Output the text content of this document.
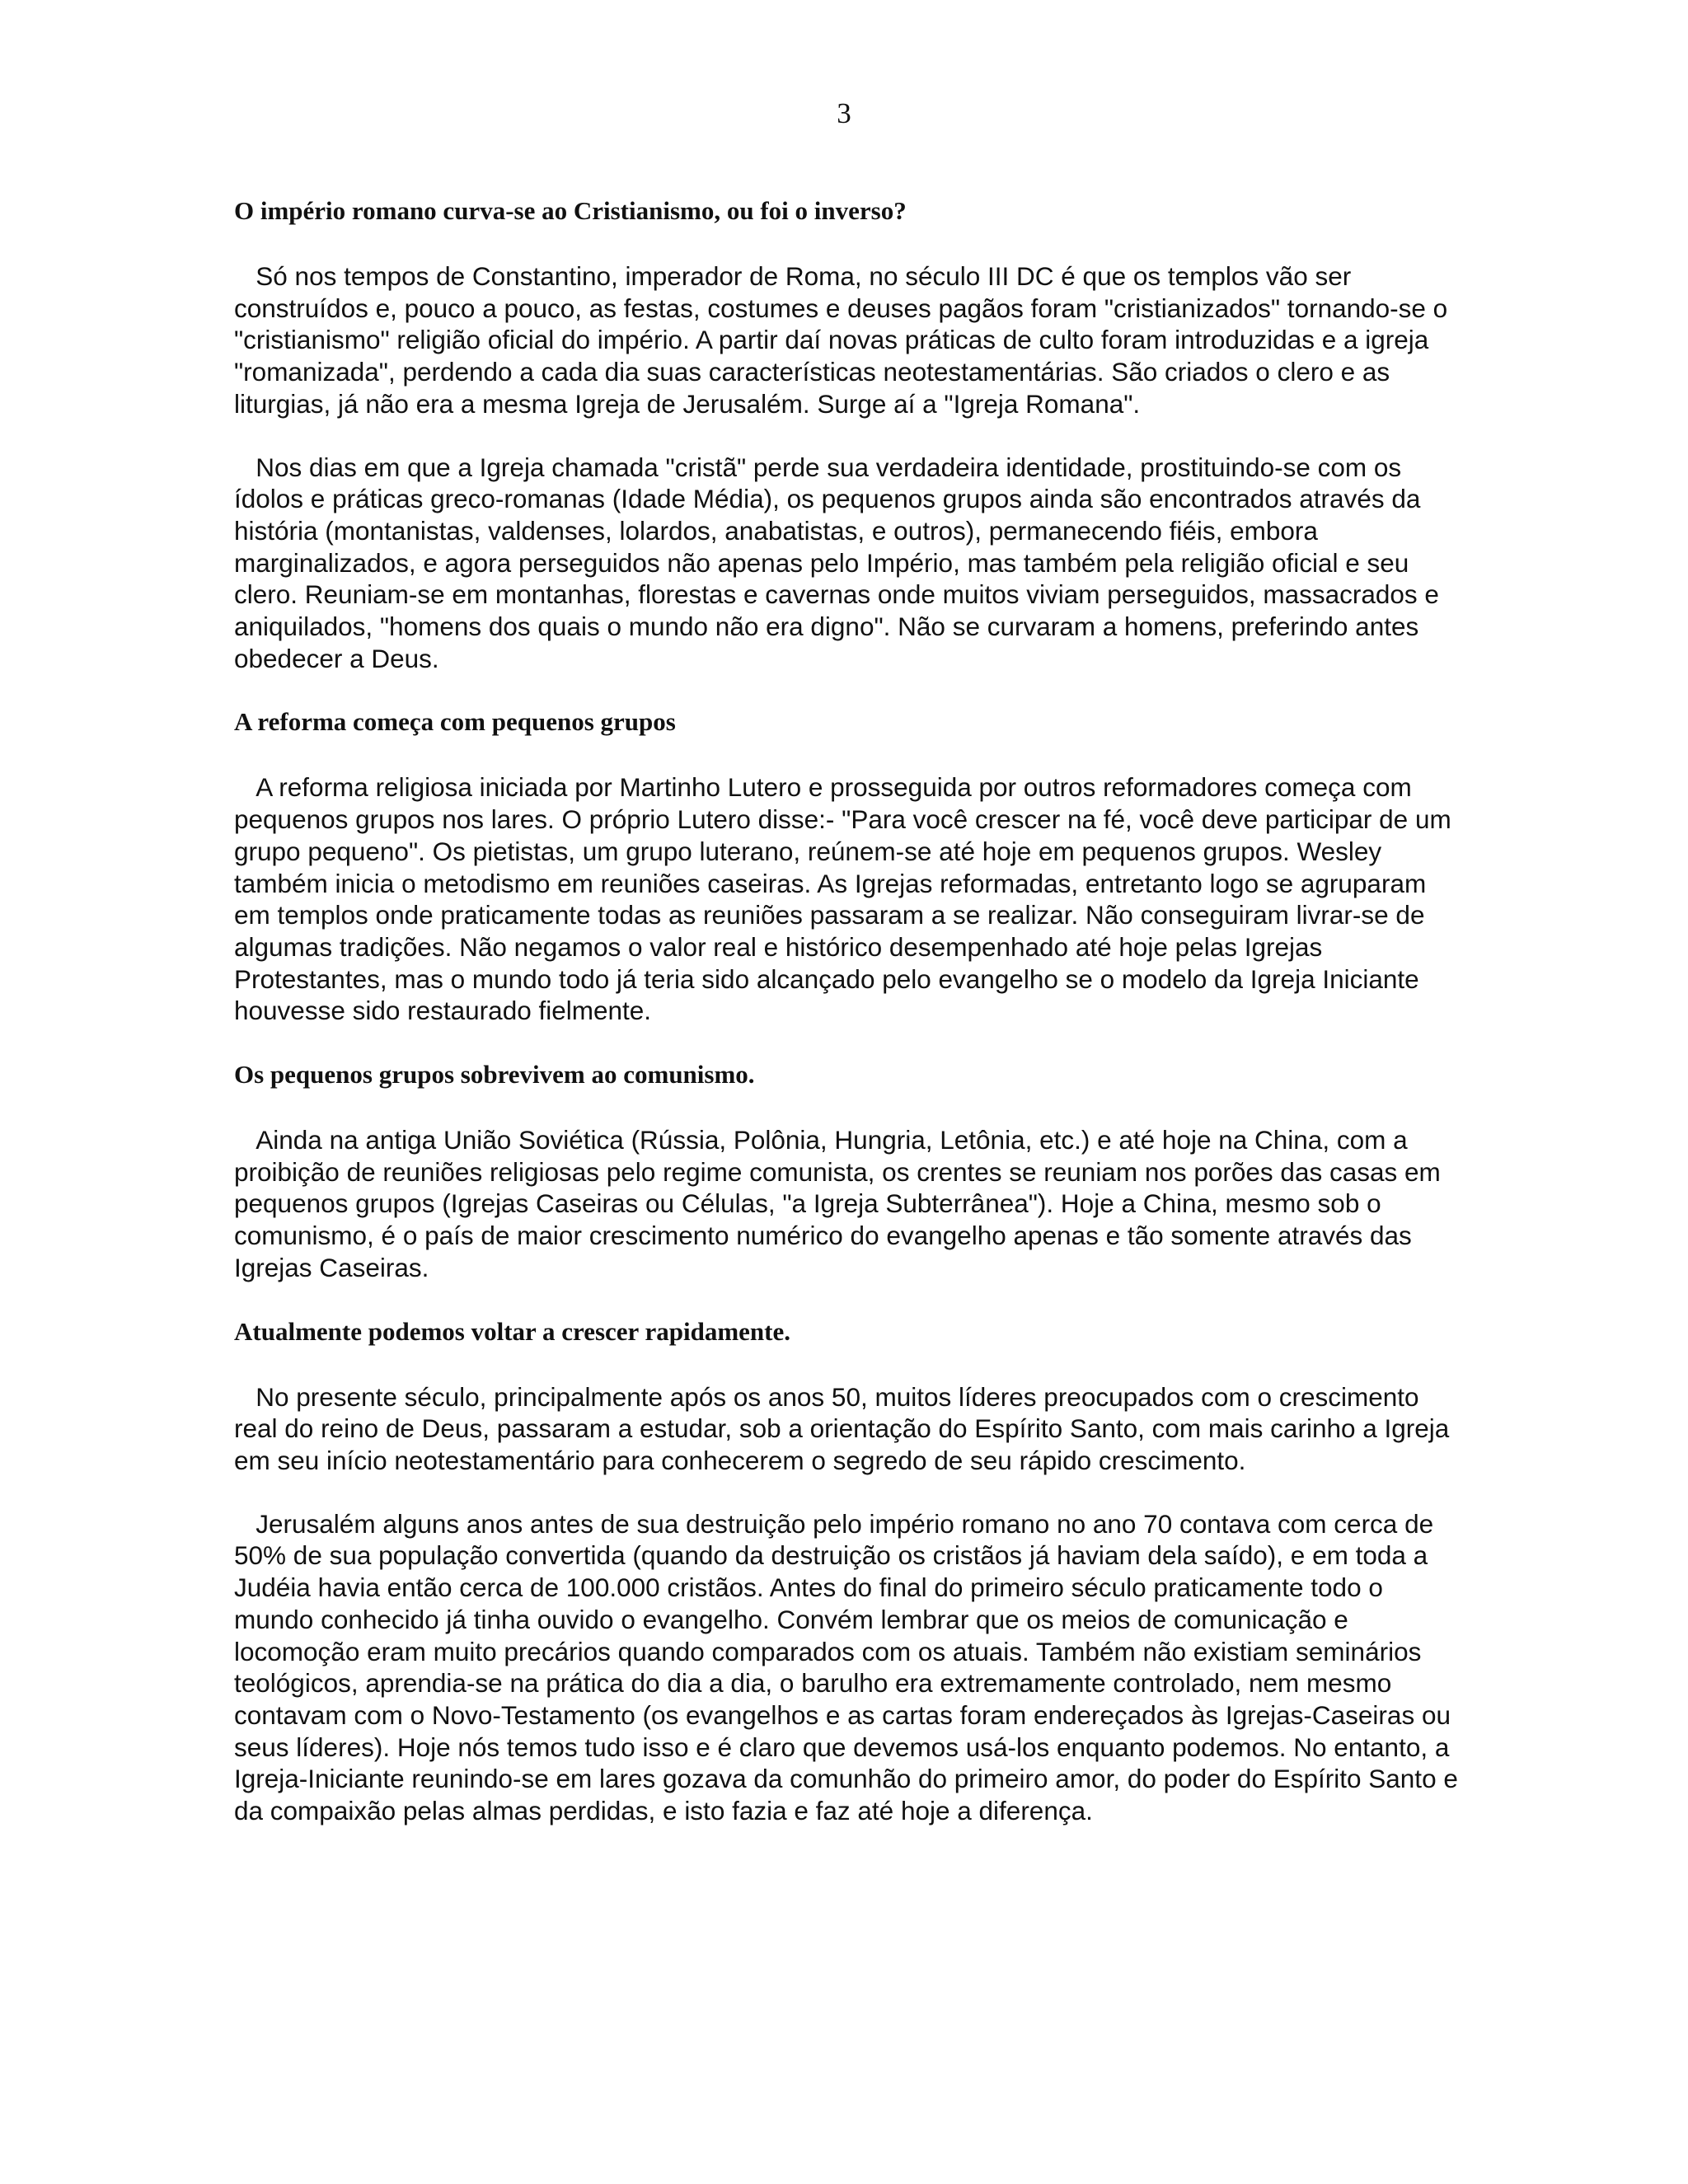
3
O império romano curva-se ao Cristianismo, ou foi o inverso?

Só nos tempos de Constantino, imperador de Roma, no século III DC é que os templos vão ser construídos e, pouco a pouco, as festas, costumes e deuses pagãos foram "cristianizados" tornando-se o "cristianismo" religião oficial do império. A partir daí novas práticas de culto foram introduzidas e a igreja "romanizada", perdendo a cada dia suas características neotestamentárias. São criados o clero e as liturgias, já não era a mesma Igreja de Jerusalém. Surge aí a "Igreja Romana".

Nos dias em que a Igreja chamada "cristã" perde sua verdadeira identidade, prostituindo-se com os ídolos e práticas greco-romanas (Idade Média), os pequenos grupos ainda são encontrados através da história (montanistas, valdenses, lolardos, anabatistas, e outros), permanecendo fiéis, embora marginalizados, e agora perseguidos não apenas pelo Império, mas também pela religião oficial e seu clero. Reuniam-se em montanhas, florestas e cavernas onde muitos viviam perseguidos, massacrados e aniquilados, "homens dos quais o mundo não era digno". Não se curvaram a homens, preferindo antes obedecer a Deus.

A reforma começa com pequenos grupos

A reforma religiosa iniciada por Martinho Lutero e prosseguida por outros reformadores começa com pequenos grupos nos lares. O próprio Lutero disse:- "Para você crescer na fé, você deve participar de um grupo pequeno". Os pietistas, um grupo luterano, reúnem-se até hoje em pequenos grupos. Wesley também inicia o metodismo em reuniões caseiras. As Igrejas reformadas, entretanto logo se agruparam em templos onde praticamente todas as reuniões passaram a se realizar. Não conseguiram livrar-se de algumas tradições. Não negamos o valor real e histórico desempenhado até hoje pelas Igrejas Protestantes, mas o mundo todo já teria sido alcançado pelo evangelho se o modelo da Igreja Iniciante houvesse sido restaurado fielmente.

Os pequenos grupos sobrevivem ao comunismo.

Ainda na antiga União Soviética (Rússia, Polônia, Hungria, Letônia, etc.) e até hoje na China, com a proibição de reuniões religiosas pelo regime comunista, os crentes se reuniam nos porões das casas em pequenos grupos (Igrejas Caseiras ou Células, "a Igreja Subterrânea"). Hoje a China, mesmo sob o comunismo, é o país de maior crescimento numérico do evangelho apenas e tão somente através das Igrejas Caseiras.

Atualmente podemos voltar a crescer rapidamente.

No presente século, principalmente após os anos 50, muitos líderes preocupados com o crescimento real do reino de Deus, passaram a estudar, sob a orientação do Espírito Santo, com mais carinho a Igreja em seu início neotestamentário para conhecerem o segredo de seu rápido crescimento.

Jerusalém alguns anos antes de sua destruição pelo império romano no ano 70 contava com cerca de 50% de sua população convertida (quando da destruição os cristãos já haviam dela saído), e em toda a Judéia havia então cerca de 100.000 cristãos. Antes do final do primeiro século praticamente todo o mundo conhecido já tinha ouvido o evangelho. Convém lembrar que os meios de comunicação e locomoção eram muito precários quando comparados com os atuais. Também não existiam seminários teológicos, aprendia-se na prática do dia a dia, o barulho era extremamente controlado, nem mesmo contavam com o Novo-Testamento (os evangelhos e as cartas foram endereçados às Igrejas-Caseiras ou seus líderes). Hoje nós temos tudo isso e é claro que devemos usá-los enquanto podemos. No entanto, a Igreja-Iniciante reunindo-se em lares gozava da comunhão do primeiro amor, do poder do Espírito Santo e da compaixão pelas almas perdidas, e isto fazia e faz até hoje a diferença.
